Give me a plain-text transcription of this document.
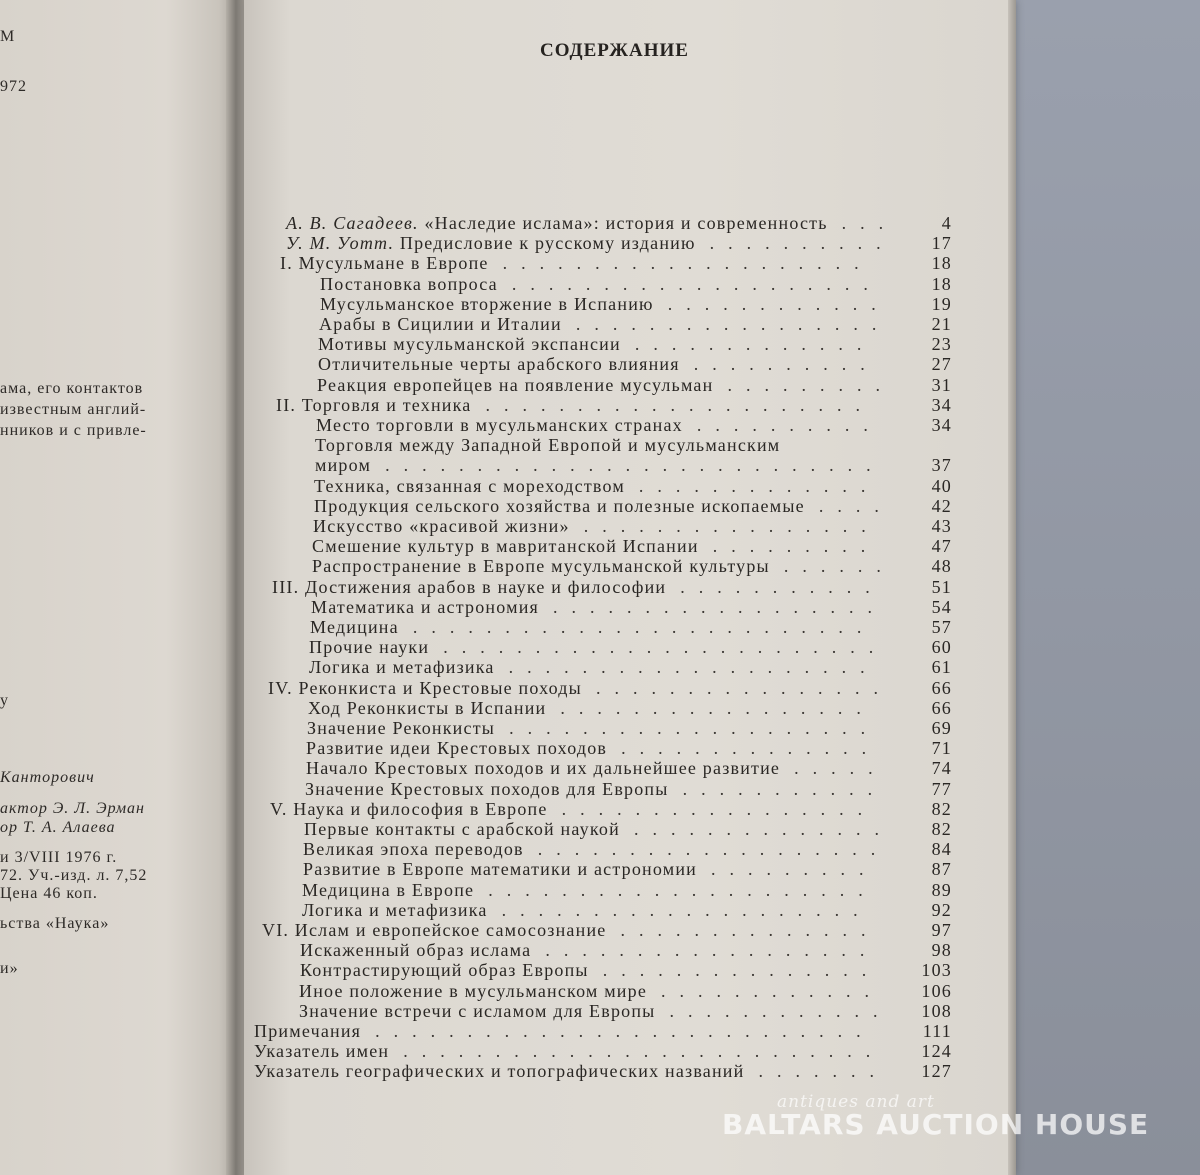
М
972
ама, его контактов
известным англий-
нников и с привле-
у
Канторович
актор Э. Л. Эрман
ор Т. А. Алаева
и 3/VIII 1976 г.
72. Уч.-изд. л. 7,52
Цена 46 коп.
ьства «Наука»
и»
СОДЕРЖАНИЕ
А. В. Сагадеев. «Наследие ислама»: история и современность	4
...
У. М. Уотт. Предисловие к русскому изданию	17
..........
I. Мусульмане в Европе	18
....................
Постановка вопроса	18
....................
Мусульманское вторжение в Испанию	19
............
Арабы в Сицилии и Италии	21
.................
Мотивы мусульманской экспансии	23
.............
Отличительные черты арабского влияния	27
..........
Реакция европейцев на появление мусульман	31
.........
II. Торговля и техника	34
.....................
Место торговли в мусульманских странах	34
..........
Торговля между Западной Европой и мусульманским
миром	37
...........................
Техника, связанная с мореходством	40
.............
Продукция сельского хозяйства и полезные ископаемые	42
....
Искусство «красивой жизни»	43
................
Смешение культур в мавританской Испании	47
.........
Распространение в Европе мусульманской культуры	48
......
III. Достижения арабов в науке и философии	51
...........
Математика и астрономия	54
..................
Медицина	57
.........................
Прочие науки	60
........................
Логика и метафизика	61
....................
IV. Реконкиста и Крестовые походы	66
................
Ход Реконкисты в Испании	66
.................
Значение Реконкисты	69
....................
Развитие идеи Крестовых походов	71
..............
Начало Крестовых походов и их дальнейшее развитие	74
.....
Значение Крестовых походов для Европы	77
...........
V. Наука и философия в Европе	82
.................
Первые контакты с арабской наукой	82
..............
Великая эпоха переводов	84
...................
Развитие в Европе математики и астрономии	87
.........
Медицина в Европе	89
.....................
Логика и метафизика	92
....................
VI. Ислам и европейское самосознание	97
..............
Искаженный образ ислама	98
..................
Контрастирующий образ Европы	103
...............
Иное положение в мусульманском мире	106
............
Значение встречи с исламом для Европы	108
............
Примечания	111
...........................
Указатель имен	124
..........................
Указатель географических и топографических названий	127
.......
antiques and art
BALTARS AUCTION HOUSE
